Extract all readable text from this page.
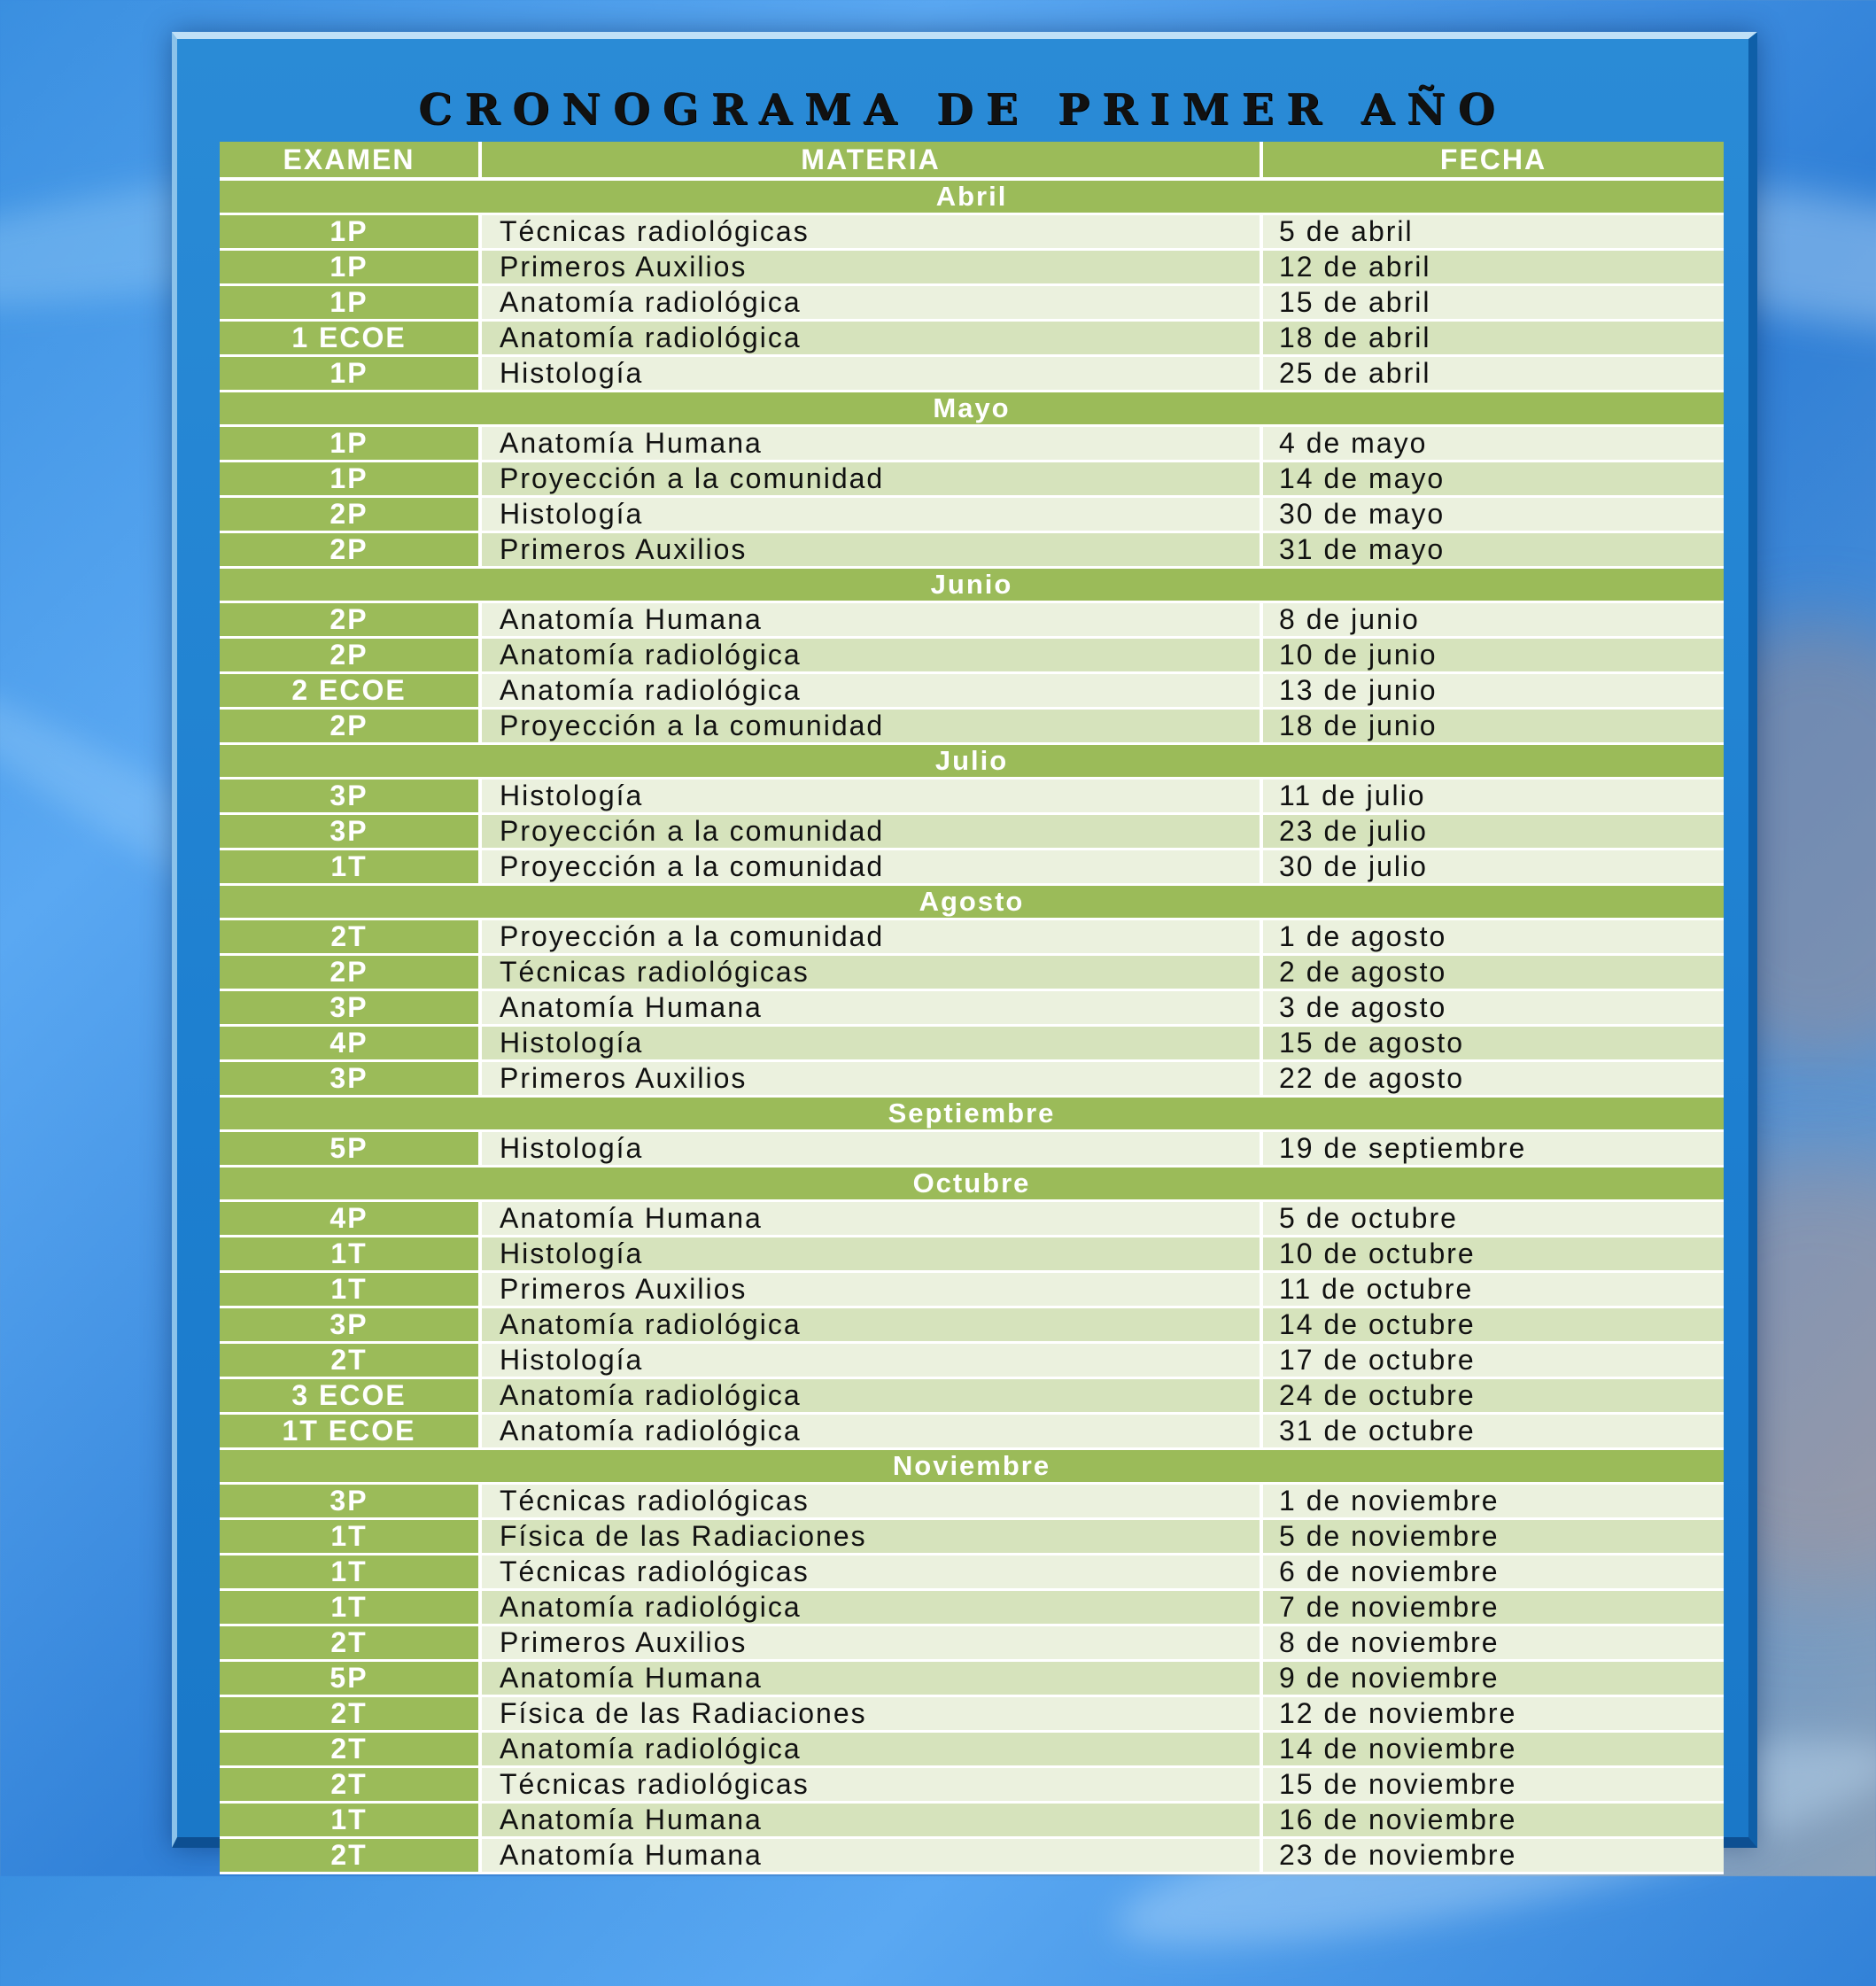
CRONOGRAMA DE PRIMER AÑO
EXAMEN	MATERIA	FECHA
Abril		
1P	Técnicas radiológicas	5 de abril
1P	Primeros Auxilios	12 de abril
1P	Anatomía radiológica	15 de abril
1 ECOE	Anatomía radiológica	18 de abril
1P	Histología	25 de abril
Mayo		
1P	Anatomía Humana	4 de mayo
1P	Proyección a la comunidad	14 de mayo
2P	Histología	30 de mayo
2P	Primeros Auxilios	31 de mayo
Junio		
2P	Anatomía Humana	8 de junio
2P	Anatomía radiológica	10 de junio
2 ECOE	Anatomía radiológica	13 de junio
2P	Proyección a la comunidad	18 de junio
Julio		
3P	Histología	11 de julio
3P	Proyección a la comunidad	23 de julio
1T	Proyección a la comunidad	30 de julio
Agosto		
2T	Proyección a la comunidad	1 de agosto
2P	Técnicas radiológicas	2 de agosto
3P	Anatomía Humana	3 de agosto
4P	Histología	15 de agosto
3P	Primeros Auxilios	22 de agosto
Septiembre		
5P	Histología	19 de septiembre
Octubre		
4P	Anatomía Humana	5 de octubre
1T	Histología	10 de octubre
1T	Primeros Auxilios	11 de octubre
3P	Anatomía radiológica	14 de octubre
2T	Histología	17 de octubre
3 ECOE	Anatomía radiológica	24 de octubre
1T ECOE	Anatomía radiológica	31 de octubre
Noviembre		
3P	Técnicas radiológicas	1 de noviembre
1T	Física de las Radiaciones	5 de noviembre
1T	Técnicas radiológicas	6 de noviembre
1T	Anatomía radiológica	7 de noviembre
2T	Primeros Auxilios	8 de noviembre
5P	Anatomía Humana	9 de noviembre
2T	Física de las Radiaciones	12 de noviembre
2T	Anatomía radiológica	14 de noviembre
2T	Técnicas radiológicas	15 de noviembre
1T	Anatomía Humana	16 de noviembre
2T	Anatomía Humana	23 de noviembre
